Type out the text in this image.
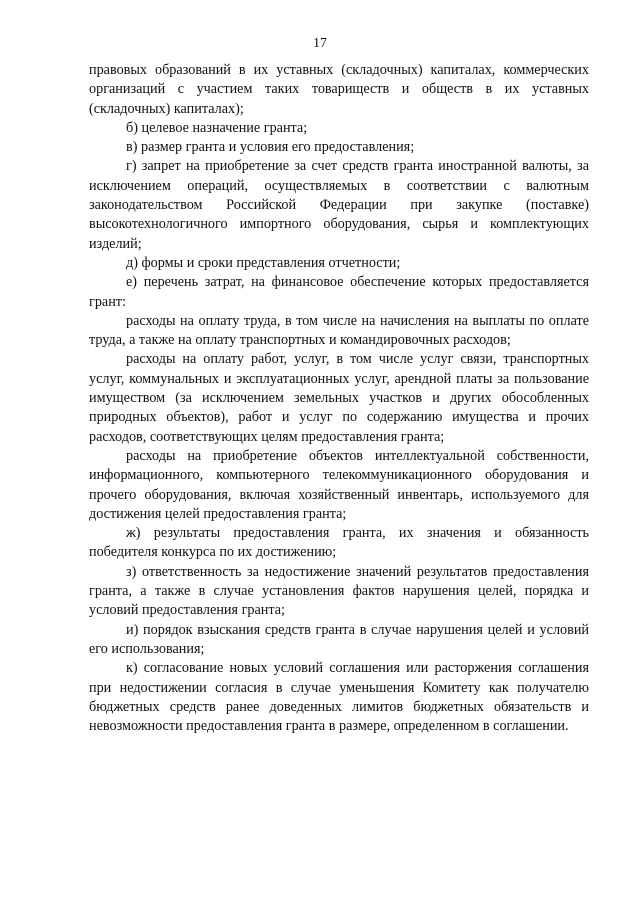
17

правовых образований в их уставных (складочных) капиталах, коммерческих организаций с участием таких товариществ и обществ в их уставных (складочных) капиталах);

б) целевое назначение гранта;

в) размер гранта и условия его предоставления;

г) запрет на приобретение за счет средств гранта иностранной валюты, за исключением операций, осуществляемых в соответствии с валютным законодательством Российской Федерации при закупке (поставке) высокотехнологичного импортного оборудования, сырья и комплектующих изделий;

д) формы и сроки представления отчетности;

е) перечень затрат, на финансовое обеспечение которых предоставляется грант:

расходы на оплату труда, в том числе на начисления на выплаты по оплате труда, а также на оплату транспортных и командировочных расходов;

расходы на оплату работ, услуг, в том числе услуг связи, транспортных услуг, коммунальных и эксплуатационных услуг, арендной платы за пользование имуществом (за исключением земельных участков и других обособленных природных объектов), работ и услуг по содержанию имущества и прочих расходов, соответствующих целям предоставления гранта;

расходы на приобретение объектов интеллектуальной собственности, информационного, компьютерного телекоммуникационного оборудования и прочего оборудования, включая хозяйственный инвентарь, используемого для достижения целей предоставления гранта;

ж) результаты предоставления гранта, их значения и обязанность победителя конкурса по их достижению;

з) ответственность за недостижение значений результатов предоставления гранта, а также в случае установления фактов нарушения целей, порядка и условий предоставления гранта;

и) порядок взыскания средств гранта в случае нарушения целей и условий его использования;

к) согласование новых условий соглашения или расторжения соглашения при недостижении согласия в случае уменьшения Комитету как получателю бюджетных средств ранее доведенных лимитов бюджетных обязательств и невозможности предоставления гранта в размере, определенном в соглашении.
